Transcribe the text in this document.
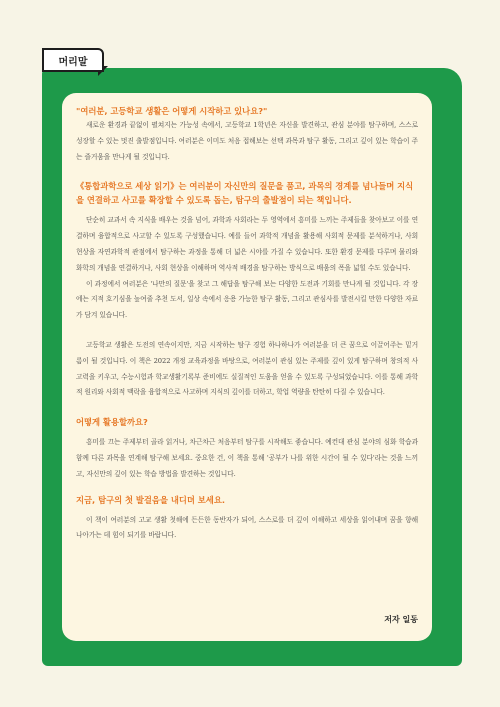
머리말

"여러분, 고등학교 생활은 어떻게 시작하고 있나요?"

새로운 환경과 끝없이 펼쳐지는 가능성 속에서, 고등학교 1학년은 자신을 발견하고, 관심 분야를 탐구하며, 스스로 성장할 수 있는 멋진 출발점입니다. 여러분은 이미도 처음 접해보는 선택 과목과 탐구 활동, 그리고 깊이 있는 학습이 주는 즐거움을 만나게 될 것입니다.

《통합과학으로 세상 읽기》는 여러분이 자신만의 질문을 품고, 과목의 경계를 넘나들며 지식을 연결하고 사고를 확장할 수 있도록 돕는, 탐구의 출발점이 되는 책입니다.

단순히 교과서 속 지식을 배우는 것을 넘어, 과학과 사회라는 두 영역에서 흥미를 느끼는 주제들을 찾아보고 이를 연결하며 융합적으로 사고할 수 있도록 구성했습니다. 예를 들어 과학적 개념을 활용해 사회적 문제를 분석하거나, 사회 현상을 자연과학적 관점에서 탐구하는 과정을 통해 더 넓은 시야를 가질 수 있습니다. 또한 환경 문제를 다루며 물리와 화학의 개념을 연결하거나, 사회 현상을 이해하며 역사적 배경을 탐구하는 방식으로 배움의 폭을 넓힐 수도 있습니다.

이 과정에서 여러분은 '나만의 질문'을 찾고 그 해답을 탐구해 보는 다양한 도전과 기회를 만나게 될 것입니다. 각 장에는 지적 호기심을 높여줄 추천 도서, 일상 속에서 응용 가능한 탐구 활동, 그리고 관심사를 발전시킬 만한 다양한 자료가 담겨 있습니다.

고등학교 생활은 도전의 연속이지만, 지금 시작하는 탐구 경험 하나하나가 여러분을 더 큰 꿈으로 이끌어주는 밑거름이 될 것입니다. 이 책은 2022 개정 교육과정을 바탕으로, 여러분이 관심 있는 주제를 깊이 있게 탐구하며 창의적 사고력을 키우고, 수능시험과 학교생활기록부 준비에도 실질적인 도움을 얻을 수 있도록 구성되었습니다. 이를 통해 과학적 원리와 사회적 맥락을 융합적으로 사고하며 지식의 깊이를 더하고, 학업 역량을 탄탄히 다질 수 있습니다.

어떻게 활용할까요?

흥미를 끄는 주제부터 골라 읽거나, 차근차근 처음부터 탐구를 시작해도 좋습니다. 예컨대 관심 분야의 심화 학습과 함께 다른 과목을 연계해 탐구해 보세요. 중요한 건, 이 책을 통해 '공부가 나를 위한 시간이 될 수 있다'라는 것을 느끼고, 자신만의 깊이 있는 학습 방법을 발견하는 것입니다.

지금, 탐구의 첫 발걸음을 내디뎌 보세요.

이 책이 여러분의 고교 생활 첫해에 든든한 동반자가 되어, 스스로를 더 깊이 이해하고 세상을 읽어내며 꿈을 향해 나아가는 데 힘이 되기를 바랍니다.

저자 일동
